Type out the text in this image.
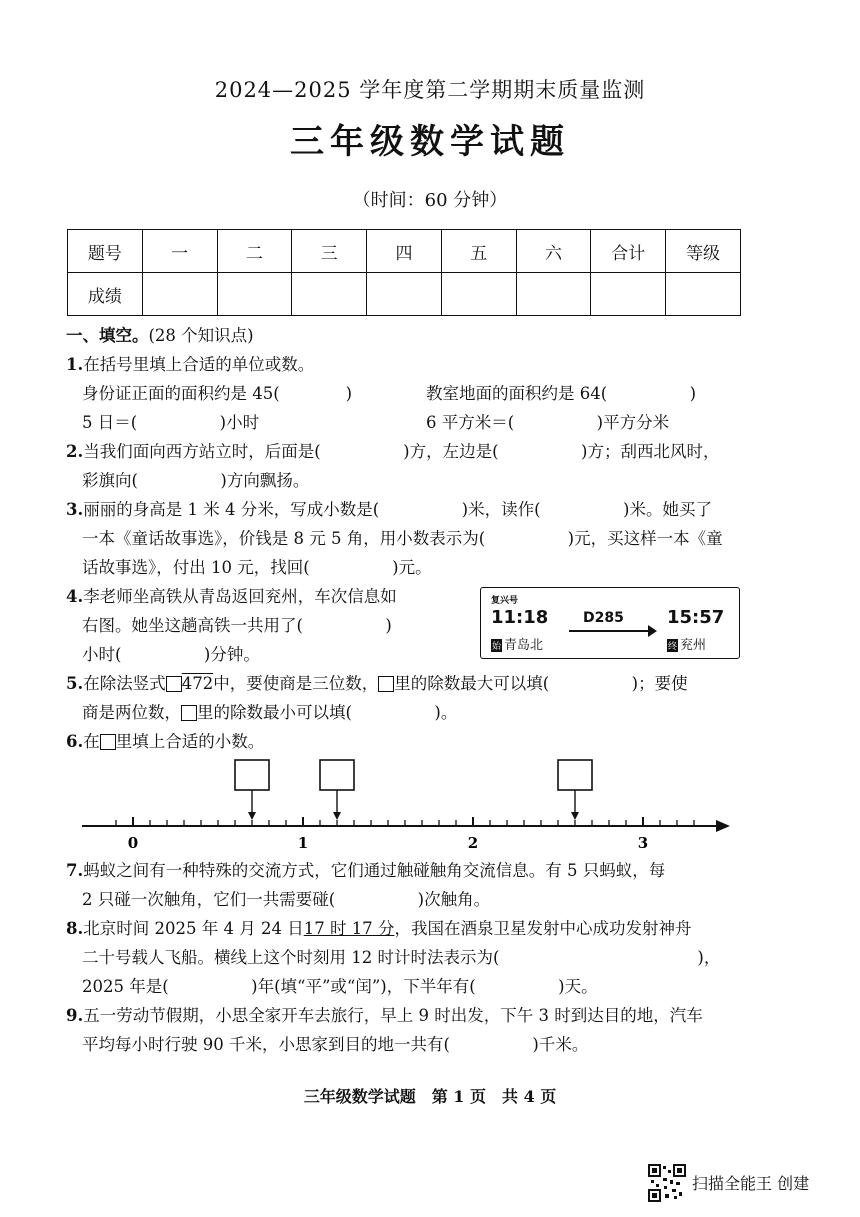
2024—2025 学年度第二学期期末质量监测
三年级数学试题
（时间：60 分钟）
题号	一	二	三	四	五	六	合计	等级
成绩								
一、填空。(28 个知识点)
1.在括号里填上合适的单位或数。
身份证正面的面积约是 45(　　　　)	教室地面的面积约是 64(　　　　　)
5 日＝(　　　　　)小时	6 平方米＝(　　　　　)平方分米
2.当我们面向西方站立时，后面是(　　　　　)方，左边是(　　　　　)方；刮西北风时，
彩旗向(　　　　　)方向飘扬。
3.丽丽的身高是 1 米 4 分米，写成小数是(　　　　　)米，读作(　　　　　)米。她买了
一本《童话故事选》，价钱是 8 元 5 角，用小数表示为(　　　　　)元，买这样一本《童
话故事选》，付出 10 元，找回(　　　　　)元。
4.李老师坐高铁从青岛返回兖州，车次信息如
右图。她坐这趟高铁一共用了(　　　　　)
小时(　　　　　)分钟。
复兴号
11:18 D285 15:57
始 青岛北	终 兖州
5.在除法竖式 472中，要使商是三位数， 里的除数最大可以填(　　　　　)；要使
商是两位数， 里的除数最小可以填(　　　　　)。
6.在 里填上合适的小数。
0	1	2	3
7.蚂蚁之间有一种特殊的交流方式，它们通过触碰触角交流信息。有 5 只蚂蚁，每
2 只碰一次触角，它们一共需要碰(　　　　　)次触角。
8.北京时间 2025 年 4 月 24 日17 时 17 分，我国在酒泉卫星发射中心成功发射神舟
二十号载人飞船。横线上这个时刻用 12 时计时法表示为(　　　　　　　　　　　　)，
2025 年是(　　　　　)年(填“平”或“闰”)，下半年有(　　　　　)天。
9.五一劳动节假期，小思全家开车去旅行，早上 9 时出发，下午 3 时到达目的地，汽车
平均每小时行驶 90 千米，小思家到目的地一共有(　　　　　)千米。
三年级数学试题　第 1 页　共 4 页
扫描全能王 创建
